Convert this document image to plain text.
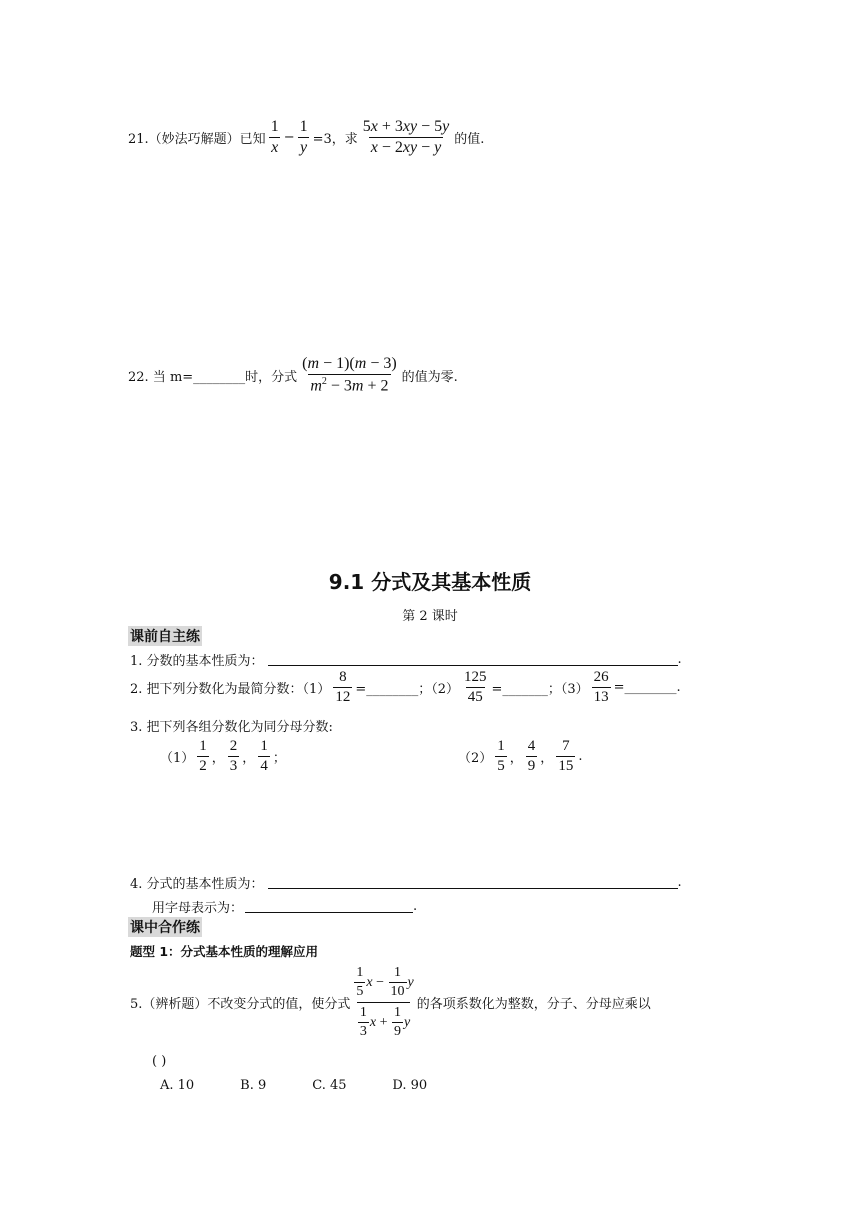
21.（妙法巧解题）已知 $\frac{1}{x} - \frac{1}{y} =3$，求 $\frac{5x + 3xy - 5y}{x - 2xy - y}$ 的值.
22. 当 m=________时，分式 $\frac{(m - 1)(m - 3)}{m^2 - 3m + 2}$ 的值为零.
9.1 分式及其基本性质
第 2 课时
课前自主练
1. 分数的基本性质为：	.
2. 把下列分数化为最简分数：$(1) \frac{8}{12}$ =________；$(2) \frac{125}{45}$ =_______；$(3) \frac{26}{13}$ =________.
3. 把下列各组分数化为同分母分数:
$(1) \frac{1}{2}$ ， $\frac{2}{3}$ ， $\frac{1}{4}$ ；	$(2) \frac{1}{5}$ ， $\frac{4}{9}$ ， $\frac{7}{15}$ .
4. 分式的基本性质为：	.
用字母表示为：	.
课中合作练
题型 1：分式基本性质的理解应用
5.（辨析题）不改变分式的值，使分式
$\frac{1}{5}$ $x - \frac{1}{10}$ y
$\frac{1}{3}$ $x + \frac{1}{9}$ y
的各项系数化为整数，分子、分母应乘以
( )
A. 10	B. 9	C. 45	D. 90
